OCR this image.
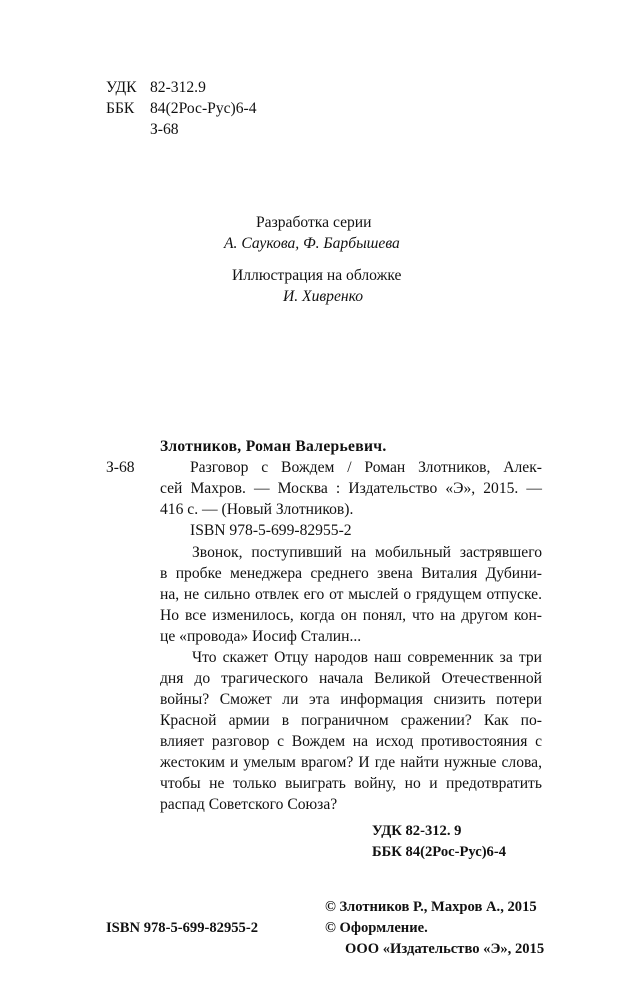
УДК 82-312.9
ББК 84(2Рос-Рус)6-4
З-68
Разработка серии
А. Саукова, Ф. Барбышева
Иллюстрация на обложке
И. Хивренко
Злотников, Роман Валерьевич.
З-68	Разговор с Вождем / Роман Злотников, Алек-
сей Махров. — Москва : Издательство «Э», 2015. —
416 с. — (Новый Злотников).
ISBN 978-5-699-82955-2
Звонок, поступивший на мобильный застрявшего
в пробке менеджера среднего звена Виталия Дубини-
на, не сильно отвлек его от мыслей о грядущем отпуске.
Но все изменилось, когда он понял, что на другом кон-
це «провода» Иосиф Сталин...
Что скажет Отцу народов наш современник за три
дня до трагического начала Великой Отечественной
войны? Сможет ли эта информация снизить потери
Красной армии в пограничном сражении? Как по-
влияет разговор с Вождем на исход противостояния с
жестоким и умелым врагом? И где найти нужные слова,
чтобы не только выиграть войну, но и предотвратить
распад Советского Союза?
УДК 82-312. 9
ББК 84(2Рос-Рус)6-4
ISBN 978-5-699-82955-2
© Злотников Р., Махров А., 2015
© Оформление.
ООО «Издательство «Э», 2015
